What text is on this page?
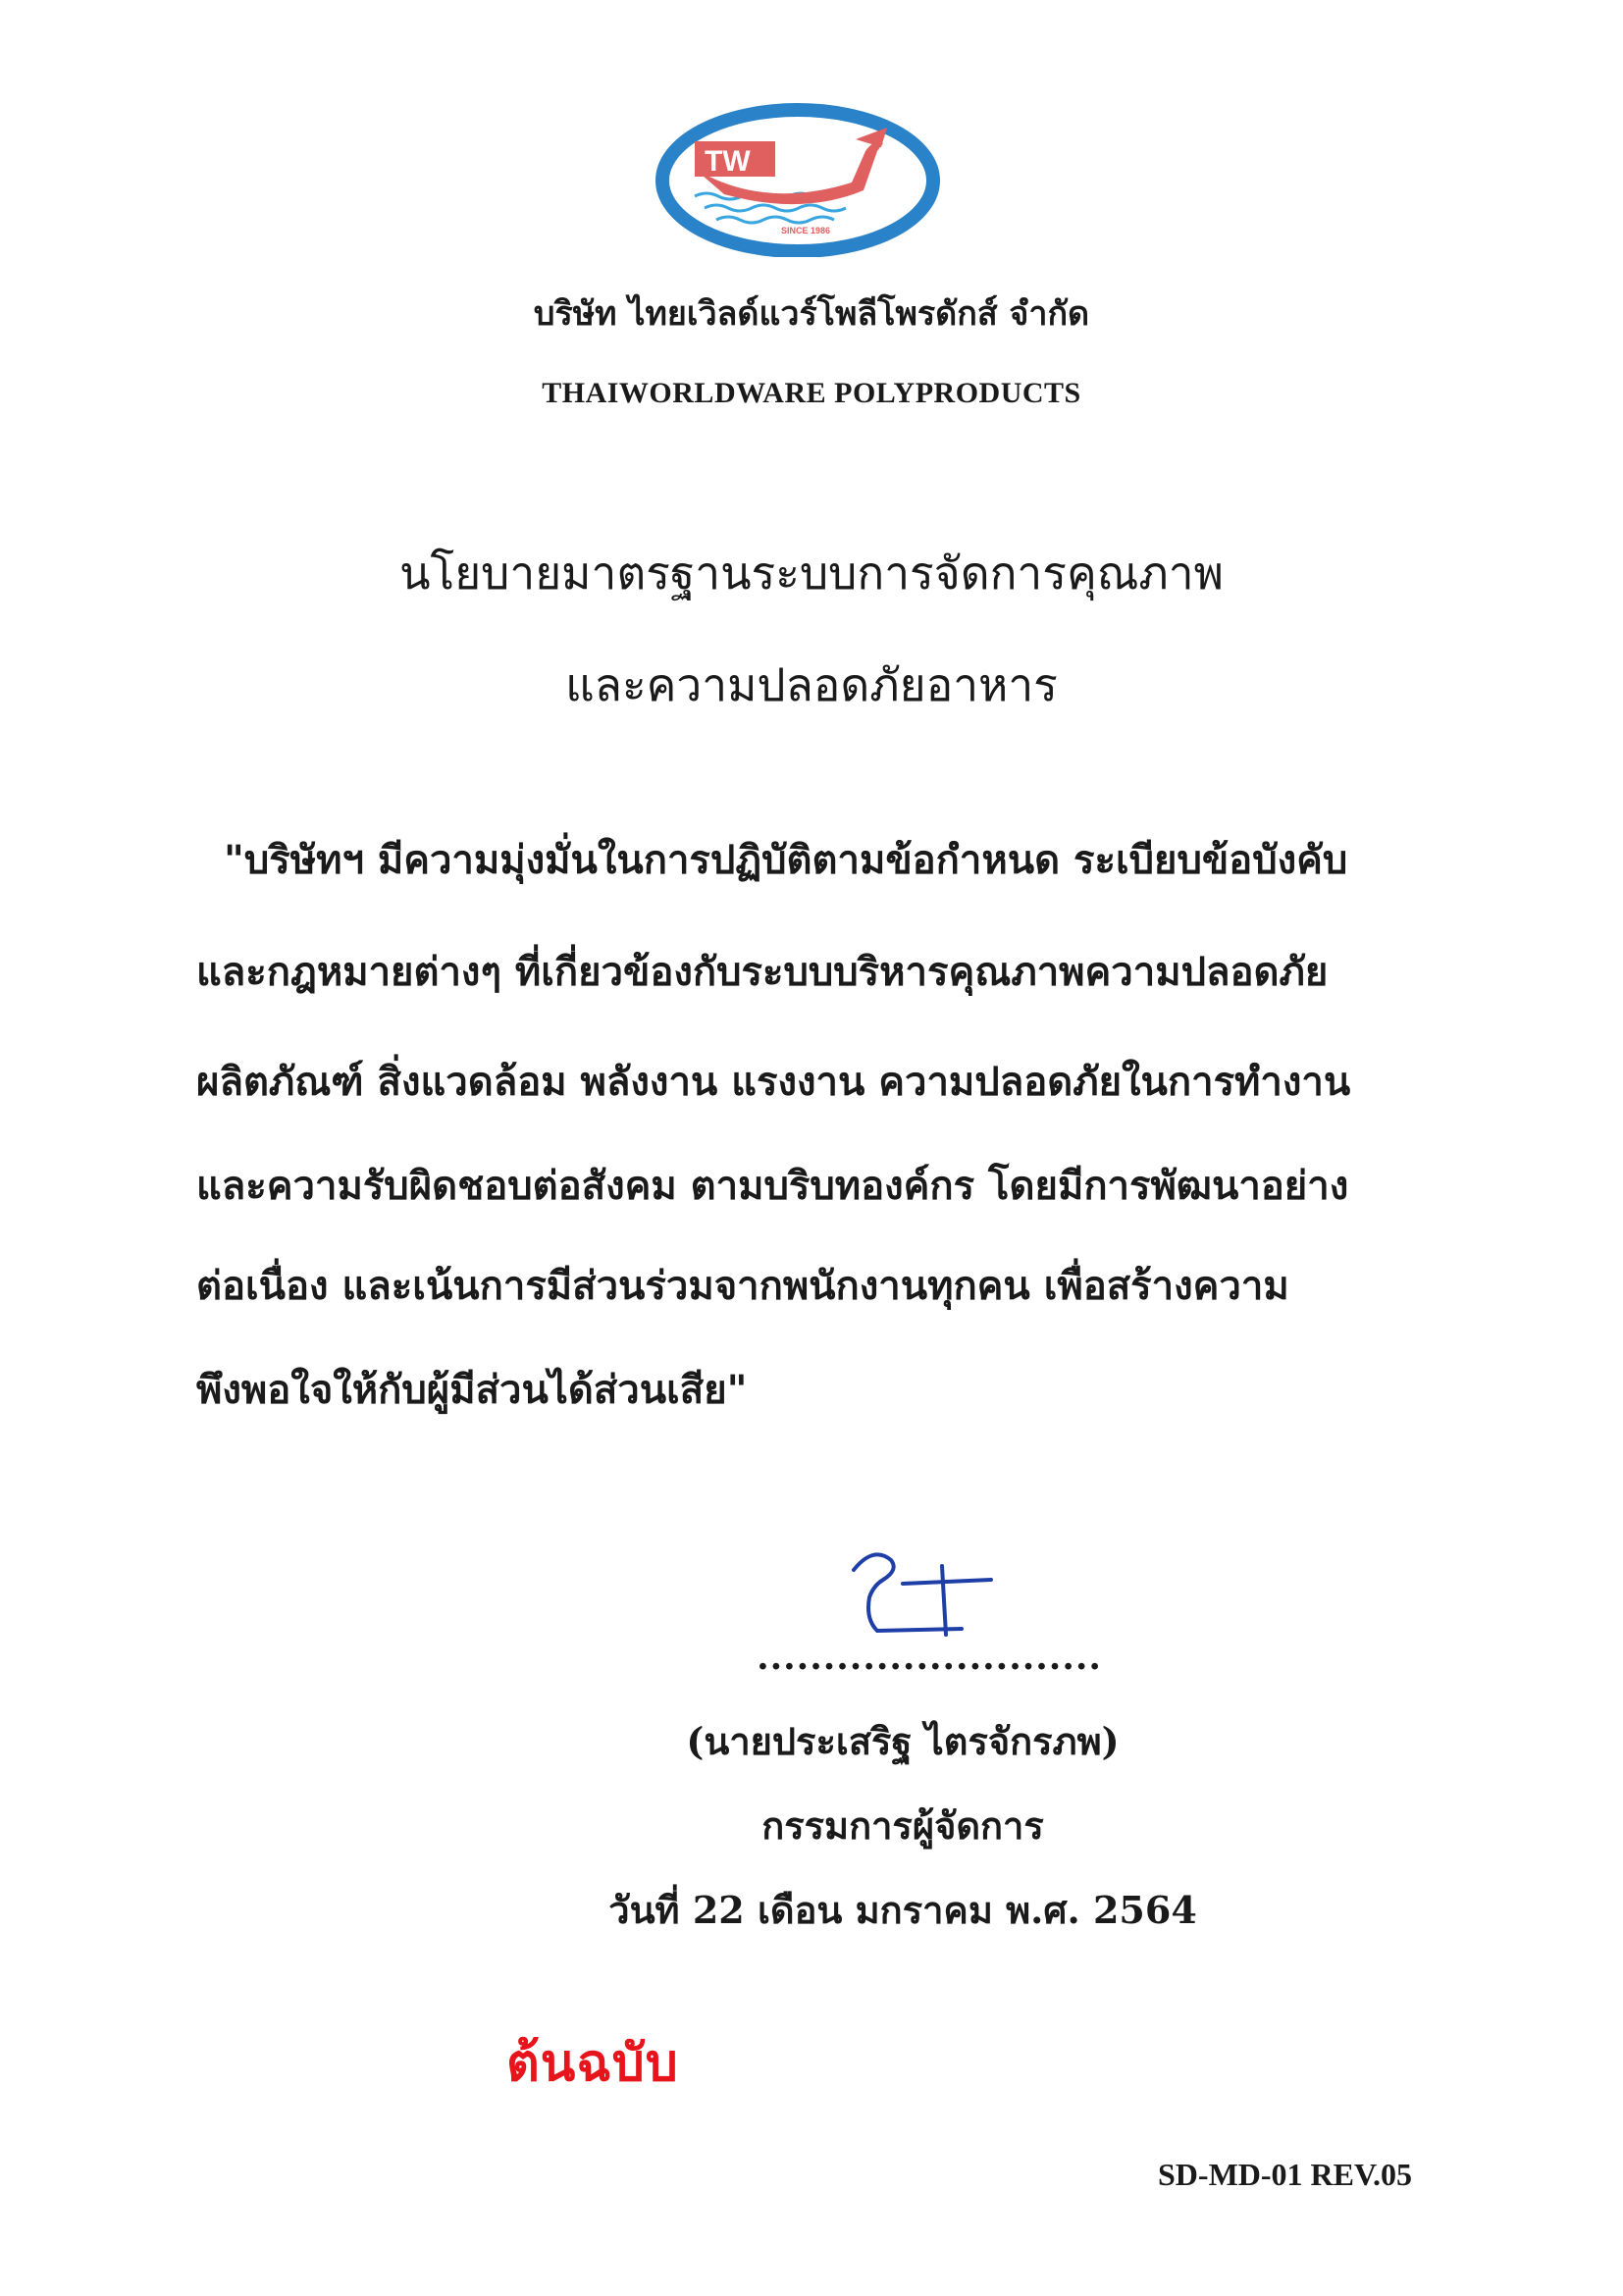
TW
SINCE 1986
บริษัท ไทยเวิลด์แวร์โพลีโพรดักส์ จำกัด
THAIWORLDWARE POLYPRODUCTS
นโยบายมาตรฐานระบบการจัดการคุณภาพ
และความปลอดภัยอาหาร
"บริษัทฯ มีความมุ่งมั่นในการปฏิบัติตามข้อกำหนด ระเบียบข้อบังคับ
และกฎหมายต่างๆ ที่เกี่ยวข้องกับระบบบริหารคุณภาพความปลอดภัย
ผลิตภัณฑ์ สิ่งแวดล้อม พลังงาน แรงงาน ความปลอดภัยในการทำงาน
และความรับผิดชอบต่อสังคม ตามบริบทองค์กร โดยมีการพัฒนาอย่าง
ต่อเนื่อง และเน้นการมีส่วนร่วมจากพนักงานทุกคน เพื่อสร้างความ
พึงพอใจให้กับผู้มีส่วนได้ส่วนเสีย"
..........................
(นายประเสริฐ ไตรจักรภพ)
กรรมการผู้จัดการ
วันที่ 22 เดือน มกราคม พ.ศ. 2564
ต้นฉบับ
SD-MD-01 REV.05
